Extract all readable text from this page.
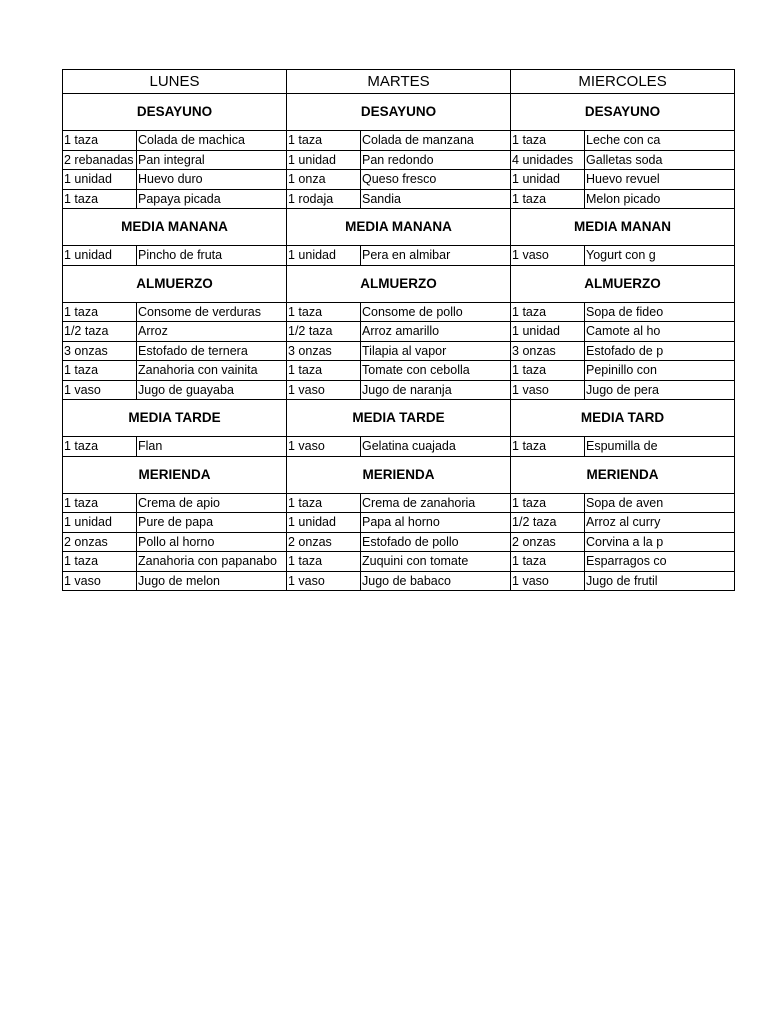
LUNES		MARTES		MIERCOLES	
DESAYUNO		DESAYUNO		DESAYUNO	
1 taza	Colada de machica	1 taza	Colada de manzana	1 taza	Leche con ca
2 rebanadas	Pan integral	1 unidad	Pan redondo	4 unidades	Galletas soda
1 unidad	Huevo duro	1 onza	Queso fresco	1 unidad	Huevo revuel
1 taza	Papaya picada	1 rodaja	Sandia	1 taza	Melon picado
MEDIA MANANA		MEDIA MANANA		MEDIA MANAN	
1 unidad	Pincho de fruta	1 unidad	Pera en almibar	1 vaso	Yogurt con g
ALMUERZO		ALMUERZO		ALMUERZO	
1 taza	Consome de verduras	1 taza	Consome de pollo	1 taza	Sopa de fideo
1/2 taza	Arroz	1/2 taza	Arroz amarillo	1 unidad	Camote al ho
3 onzas	Estofado de ternera	3 onzas	Tilapia al vapor	3 onzas	Estofado de p
1 taza	Zanahoria con vainita	1 taza	Tomate con cebolla	1 taza	Pepinillo con
1 vaso	Jugo de guayaba	1 vaso	Jugo de naranja	1 vaso	Jugo de pera
MEDIA TARDE		MEDIA TARDE		MEDIA TARD	
1 taza	Flan	1 vaso	Gelatina cuajada	1 taza	Espumilla de
MERIENDA		MERIENDA		MERIENDA	
1 taza	Crema de apio	1 taza	Crema de zanahoria	1 taza	Sopa de aven
1 unidad	Pure de papa	1 unidad	Papa al horno	1/2 taza	Arroz al curry
2 onzas	Pollo al horno	2 onzas	Estofado de pollo	2 onzas	Corvina a la p
1 taza	Zanahoria con papanabo	1 taza	Zuquini con tomate	1 taza	Esparragos co
1 vaso	Jugo de melon	1 vaso	Jugo de babaco	1 vaso	Jugo de frutil
